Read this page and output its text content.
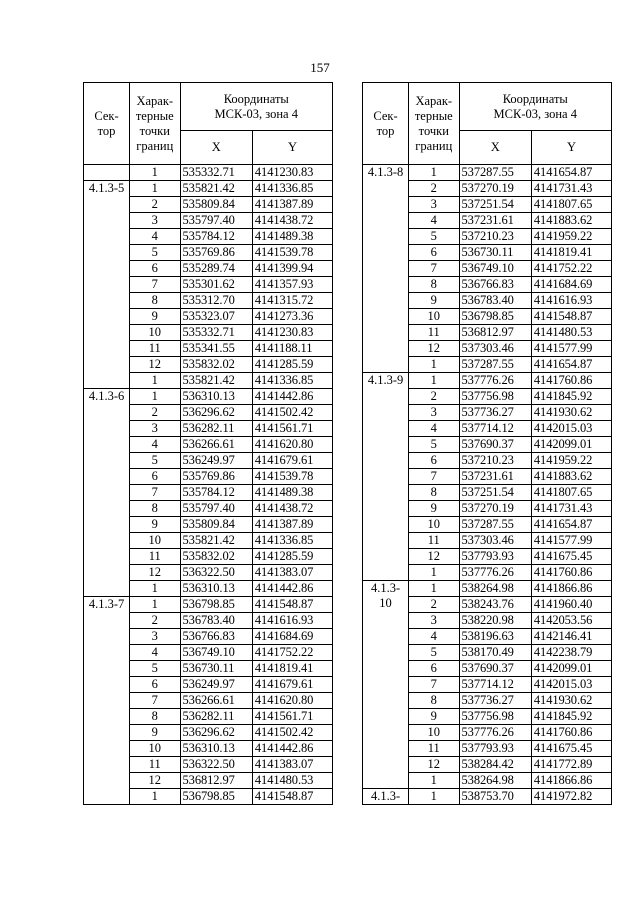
157
Сек-
тор	Харак-
терные
точки
границ	Координаты
МСК-03, зона 4	
		X	Y
	1	535332.71	4141230.83
4.1.3-5	1	535821.42	4141336.85
	2	535809.84	4141387.89
	3	535797.40	4141438.72
	4	535784.12	4141489.38
	5	535769.86	4141539.78
	6	535289.74	4141399.94
	7	535301.62	4141357.93
	8	535312.70	4141315.72
	9	535323.07	4141273.36
	10	535332.71	4141230.83
	11	535341.55	4141188.11
	12	535832.02	4141285.59
	1	535821.42	4141336.85
4.1.3-6	1	536310.13	4141442.86
	2	536296.62	4141502.42
	3	536282.11	4141561.71
	4	536266.61	4141620.80
	5	536249.97	4141679.61
	6	535769.86	4141539.78
	7	535784.12	4141489.38
	8	535797.40	4141438.72
	9	535809.84	4141387.89
	10	535821.42	4141336.85
	11	535832.02	4141285.59
	12	536322.50	4141383.07
	1	536310.13	4141442.86
4.1.3-7	1	536798.85	4141548.87
	2	536783.40	4141616.93
	3	536766.83	4141684.69
	4	536749.10	4141752.22
	5	536730.11	4141819.41
	6	536249.97	4141679.61
	7	536266.61	4141620.80
	8	536282.11	4141561.71
	9	536296.62	4141502.42
	10	536310.13	4141442.86
	11	536322.50	4141383.07
	12	536812.97	4141480.53
	1	536798.85	4141548.87
Сек-
тор	Харак-
терные
точки
границ	Координаты
МСК-03, зона 4	
		X	Y
4.1.3-8	1	537287.55	4141654.87
	2	537270.19	4141731.43
	3	537251.54	4141807.65
	4	537231.61	4141883.62
	5	537210.23	4141959.22
	6	536730.11	4141819.41
	7	536749.10	4141752.22
	8	536766.83	4141684.69
	9	536783.40	4141616.93
	10	536798.85	4141548.87
	11	536812.97	4141480.53
	12	537303.46	4141577.99
	1	537287.55	4141654.87
4.1.3-9	1	537776.26	4141760.86
	2	537756.98	4141845.92
	3	537736.27	4141930.62
	4	537714.12	4142015.03
	5	537690.37	4142099.01
	6	537210.23	4141959.22
	7	537231.61	4141883.62
	8	537251.54	4141807.65
	9	537270.19	4141731.43
	10	537287.55	4141654.87
	11	537303.46	4141577.99
	12	537793.93	4141675.45
	1	537776.26	4141760.86
4.1.3-
10	1	538264.98	4141866.86
	2	538243.76	4141960.40
	3	538220.98	4142053.56
	4	538196.63	4142146.41
	5	538170.49	4142238.79
	6	537690.37	4142099.01
	7	537714.12	4142015.03
	8	537736.27	4141930.62
	9	537756.98	4141845.92
	10	537776.26	4141760.86
	11	537793.93	4141675.45
	12	538284.42	4141772.89
	1	538264.98	4141866.86
4.1.3-	1	538753.70	4141972.82
